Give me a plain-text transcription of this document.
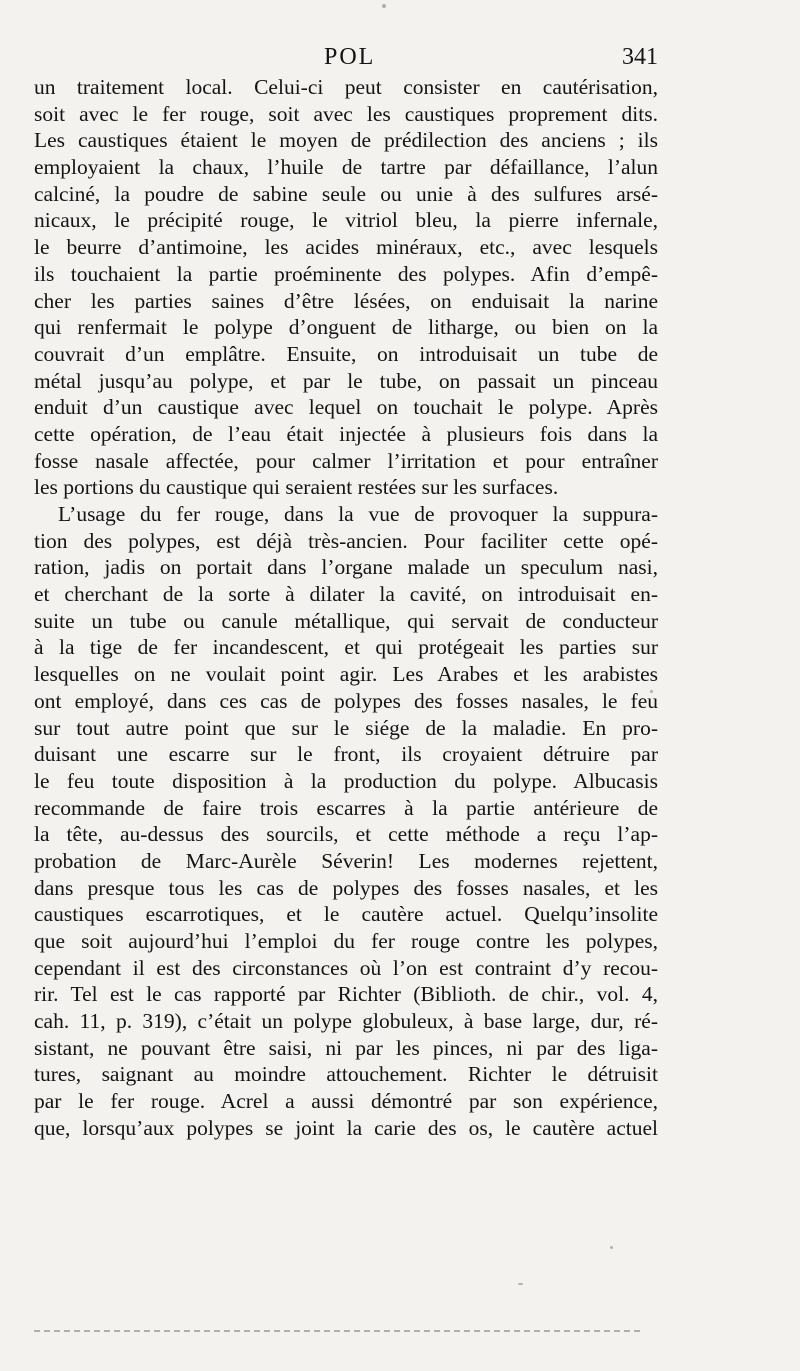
POL	341
un traitement local. Celui-ci peut consister en cautérisation,
soit avec le fer rouge, soit avec les caustiques proprement dits.
Les caustiques étaient le moyen de prédilection des anciens ; ils
employaient la chaux, l’huile de tartre par défaillance, l’alun
calciné, la poudre de sabine seule ou unie à des sulfures arsé-
nicaux, le précipité rouge, le vitriol bleu, la pierre infernale,
le beurre d’antimoine, les acides minéraux, etc., avec lesquels
ils touchaient la partie proéminente des polypes. Afin d’empê-
cher les parties saines d’être lésées, on enduisait la narine
qui renfermait le polype d’onguent de litharge, ou bien on la
couvrait d’un emplâtre. Ensuite, on introduisait un tube de
métal jusqu’au polype, et par le tube, on passait un pinceau
enduit d’un caustique avec lequel on touchait le polype. Après
cette opération, de l’eau était injectée à plusieurs fois dans la
fosse nasale affectée, pour calmer l’irritation et pour entraîner
les portions du caustique qui seraient restées sur les surfaces.
L’usage du fer rouge, dans la vue de provoquer la suppura-
tion des polypes, est déjà très-ancien. Pour faciliter cette opé-
ration, jadis on portait dans l’organe malade un speculum nasi,
et cherchant de la sorte à dilater la cavité, on introduisait en-
suite un tube ou canule métallique, qui servait de conducteur
à la tige de fer incandescent, et qui protégeait les parties sur
lesquelles on ne voulait point agir. Les Arabes et les arabistes
ont employé, dans ces cas de polypes des fosses nasales, le feu
sur tout autre point que sur le siége de la maladie. En pro-
duisant une escarre sur le front, ils croyaient détruire par
le feu toute disposition à la production du polype. Albucasis
recommande de faire trois escarres à la partie antérieure de
la tête, au-dessus des sourcils, et cette méthode a reçu l’ap-
probation de Marc-Aurèle Séverin! Les modernes rejettent,
dans presque tous les cas de polypes des fosses nasales, et les
caustiques escarrotiques, et le cautère actuel. Quelqu’insolite
que soit aujourd’hui l’emploi du fer rouge contre les polypes,
cependant il est des circonstances où l’on est contraint d’y recou-
rir. Tel est le cas rapporté par Richter (Biblioth. de chir., vol. 4,
cah. 11, p. 319), c’était un polype globuleux, à base large, dur, ré-
sistant, ne pouvant être saisi, ni par les pinces, ni par des liga-
tures, saignant au moindre attouchement. Richter le détruisit
par le fer rouge. Acrel a aussi démontré par son expérience,
que, lorsqu’aux polypes se joint la carie des os, le cautère actuel
